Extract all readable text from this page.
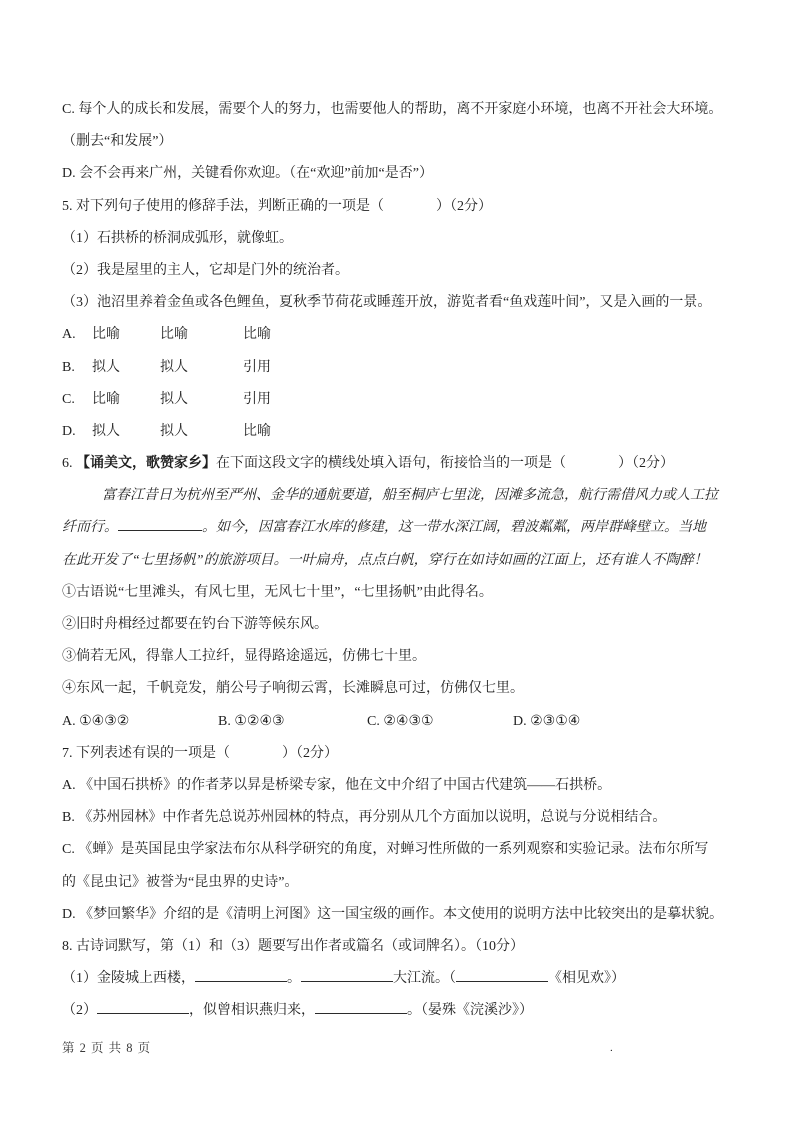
C. 每个人的成长和发展，需要个人的努力，也需要他人的帮助，离不开家庭小环境，也离不开社会大环境。
（删去“和发展”）
D. 会不会再来广州，关键看你欢迎。（在“欢迎”前加“是否”）
5. 对下列句子使用的修辞手法，判断正确的一项是（	）（2分）
（1）石拱桥的桥洞成弧形，就像虹。
（2）我是屋里的主人，它却是门外的统治者。
（3）池沼里养着金鱼或各色鲤鱼，夏秋季节荷花或睡莲开放，游览者看“鱼戏莲叶间”，又是入画的一景。
A.比喻	比喻	比喻
B.拟人	拟人	引用
C.比喻	拟人	引用
D.拟人	拟人	比喻
6. 【诵美文，歌赞家乡】在下面这段文字的横线处填入语句，衔接恰当的一项是（	）（2分）
富春江昔日为杭州至严州、金华的通航要道，船至桐庐七里泷，因滩多流急，航行需借风力或人工拉
纤而行。	。如今，因富春江水库的修建，这一带水深江阔，碧波粼粼，两岸群峰壁立。当地
在此开发了“七里扬帆”的旅游项目。一叶扁舟，点点白帆，穿行在如诗如画的江面上，还有谁人不陶醉！
①古语说“七里滩头，有风七里，无风七十里”，“七里扬帆”由此得名。
②旧时舟楫经过都要在钓台下游等候东风。
③倘若无风，得靠人工拉纤，显得路途遥远，仿佛七十里。
④东风一起，千帆竞发，艄公号子响彻云霄，长滩瞬息可过，仿佛仅七里。
A. ①④③②	B. ①②④③	C. ②④③①	D. ②③①④
7. 下列表述有误的一项是（	）（2分）
A. 《中国石拱桥》的作者茅以昇是桥梁专家，他在文中介绍了中国古代建筑——石拱桥。
B. 《苏州园林》中作者先总说苏州园林的特点，再分别从几个方面加以说明，总说与分说相结合。
C. 《蝉》是英国昆虫学家法布尔从科学研究的角度，对蝉习性所做的一系列观察和实验记录。法布尔所写
的《昆虫记》被誉为“昆虫界的史诗”。
D. 《梦回繁华》介绍的是《清明上河图》这一国宝级的画作。本文使用的说明方法中比较突出的是摹状貌。
8. 古诗词默写，第（1）和（3）题要写出作者或篇名（或词牌名）。（10分）
（1）金陵城上西楼，	。	大江流。（	《相见欢》）
（2）	，似曾相识燕归来，	。（晏殊《浣溪沙》）
第 2 页 共 8 页	.
